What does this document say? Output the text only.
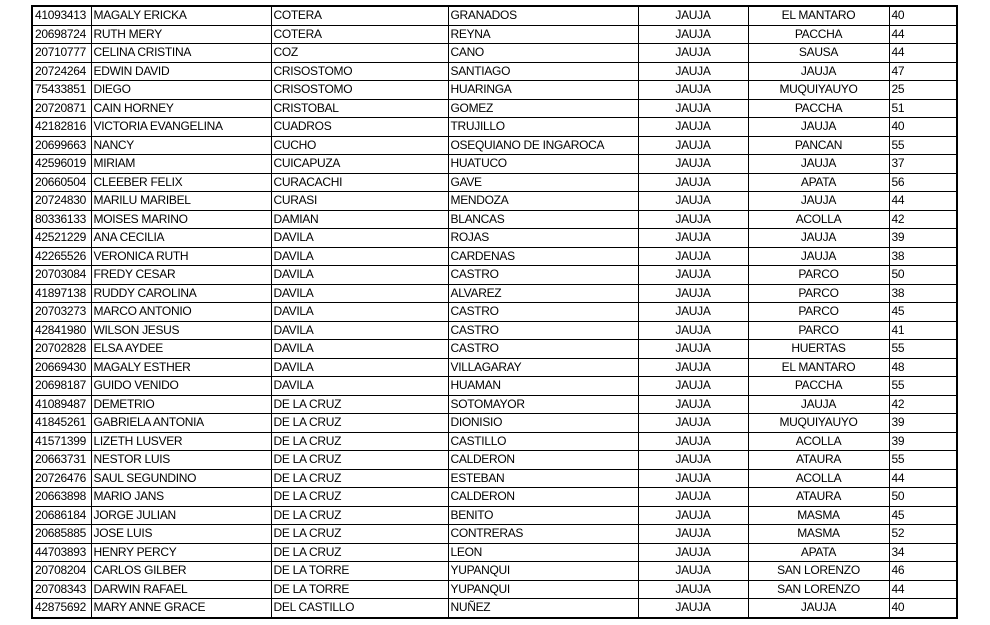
41093413	MAGALY ERICKA	COTERA	GRANADOS	JAUJA	EL MANTARO	40
20698724	RUTH MERY	COTERA	REYNA	JAUJA	PACCHA	44
20710777	CELINA CRISTINA	COZ	CANO	JAUJA	SAUSA	44
20724264	EDWIN DAVID	CRISOSTOMO	SANTIAGO	JAUJA	JAUJA	47
75433851	DIEGO	CRISOSTOMO	HUARINGA	JAUJA	MUQUIYAUYO	25
20720871	CAIN HORNEY	CRISTOBAL	GOMEZ	JAUJA	PACCHA	51
42182816	VICTORIA EVANGELINA	CUADROS	TRUJILLO	JAUJA	JAUJA	40
20699663	NANCY	CUCHO	OSEQUIANO DE INGAROCA	JAUJA	PANCAN	55
42596019	MIRIAM	CUICAPUZA	HUATUCO	JAUJA	JAUJA	37
20660504	CLEEBER FELIX	CURACACHI	GAVE	JAUJA	APATA	56
20724830	MARILU MARIBEL	CURASI	MENDOZA	JAUJA	JAUJA	44
80336133	MOISES MARINO	DAMIAN	BLANCAS	JAUJA	ACOLLA	42
42521229	ANA CECILIA	DAVILA	ROJAS	JAUJA	JAUJA	39
42265526	VERONICA RUTH	DAVILA	CARDENAS	JAUJA	JAUJA	38
20703084	FREDY CESAR	DAVILA	CASTRO	JAUJA	PARCO	50
41897138	RUDDY CAROLINA	DAVILA	ALVAREZ	JAUJA	PARCO	38
20703273	MARCO ANTONIO	DAVILA	CASTRO	JAUJA	PARCO	45
42841980	WILSON JESUS	DAVILA	CASTRO	JAUJA	PARCO	41
20702828	ELSA AYDEE	DAVILA	CASTRO	JAUJA	HUERTAS	55
20669430	MAGALY ESTHER	DAVILA	VILLAGARAY	JAUJA	EL MANTARO	48
20698187	GUIDO VENIDO	DAVILA	HUAMAN	JAUJA	PACCHA	55
41089487	DEMETRIO	DE LA CRUZ	SOTOMAYOR	JAUJA	JAUJA	42
41845261	GABRIELA ANTONIA	DE LA CRUZ	DIONISIO	JAUJA	MUQUIYAUYO	39
41571399	LIZETH LUSVER	DE LA CRUZ	CASTILLO	JAUJA	ACOLLA	39
20663731	NESTOR LUIS	DE LA CRUZ	CALDERON	JAUJA	ATAURA	55
20726476	SAUL SEGUNDINO	DE LA CRUZ	ESTEBAN	JAUJA	ACOLLA	44
20663898	MARIO JANS	DE LA CRUZ	CALDERON	JAUJA	ATAURA	50
20686184	JORGE JULIAN	DE LA CRUZ	BENITO	JAUJA	MASMA	45
20685885	JOSE LUIS	DE LA CRUZ	CONTRERAS	JAUJA	MASMA	52
44703893	HENRY PERCY	DE LA CRUZ	LEON	JAUJA	APATA	34
20708204	CARLOS GILBER	DE LA TORRE	YUPANQUI	JAUJA	SAN LORENZO	46
20708343	DARWIN RAFAEL	DE LA TORRE	YUPANQUI	JAUJA	SAN LORENZO	44
42875692	MARY ANNE GRACE	DEL CASTILLO	NUÑEZ	JAUJA	JAUJA	40
